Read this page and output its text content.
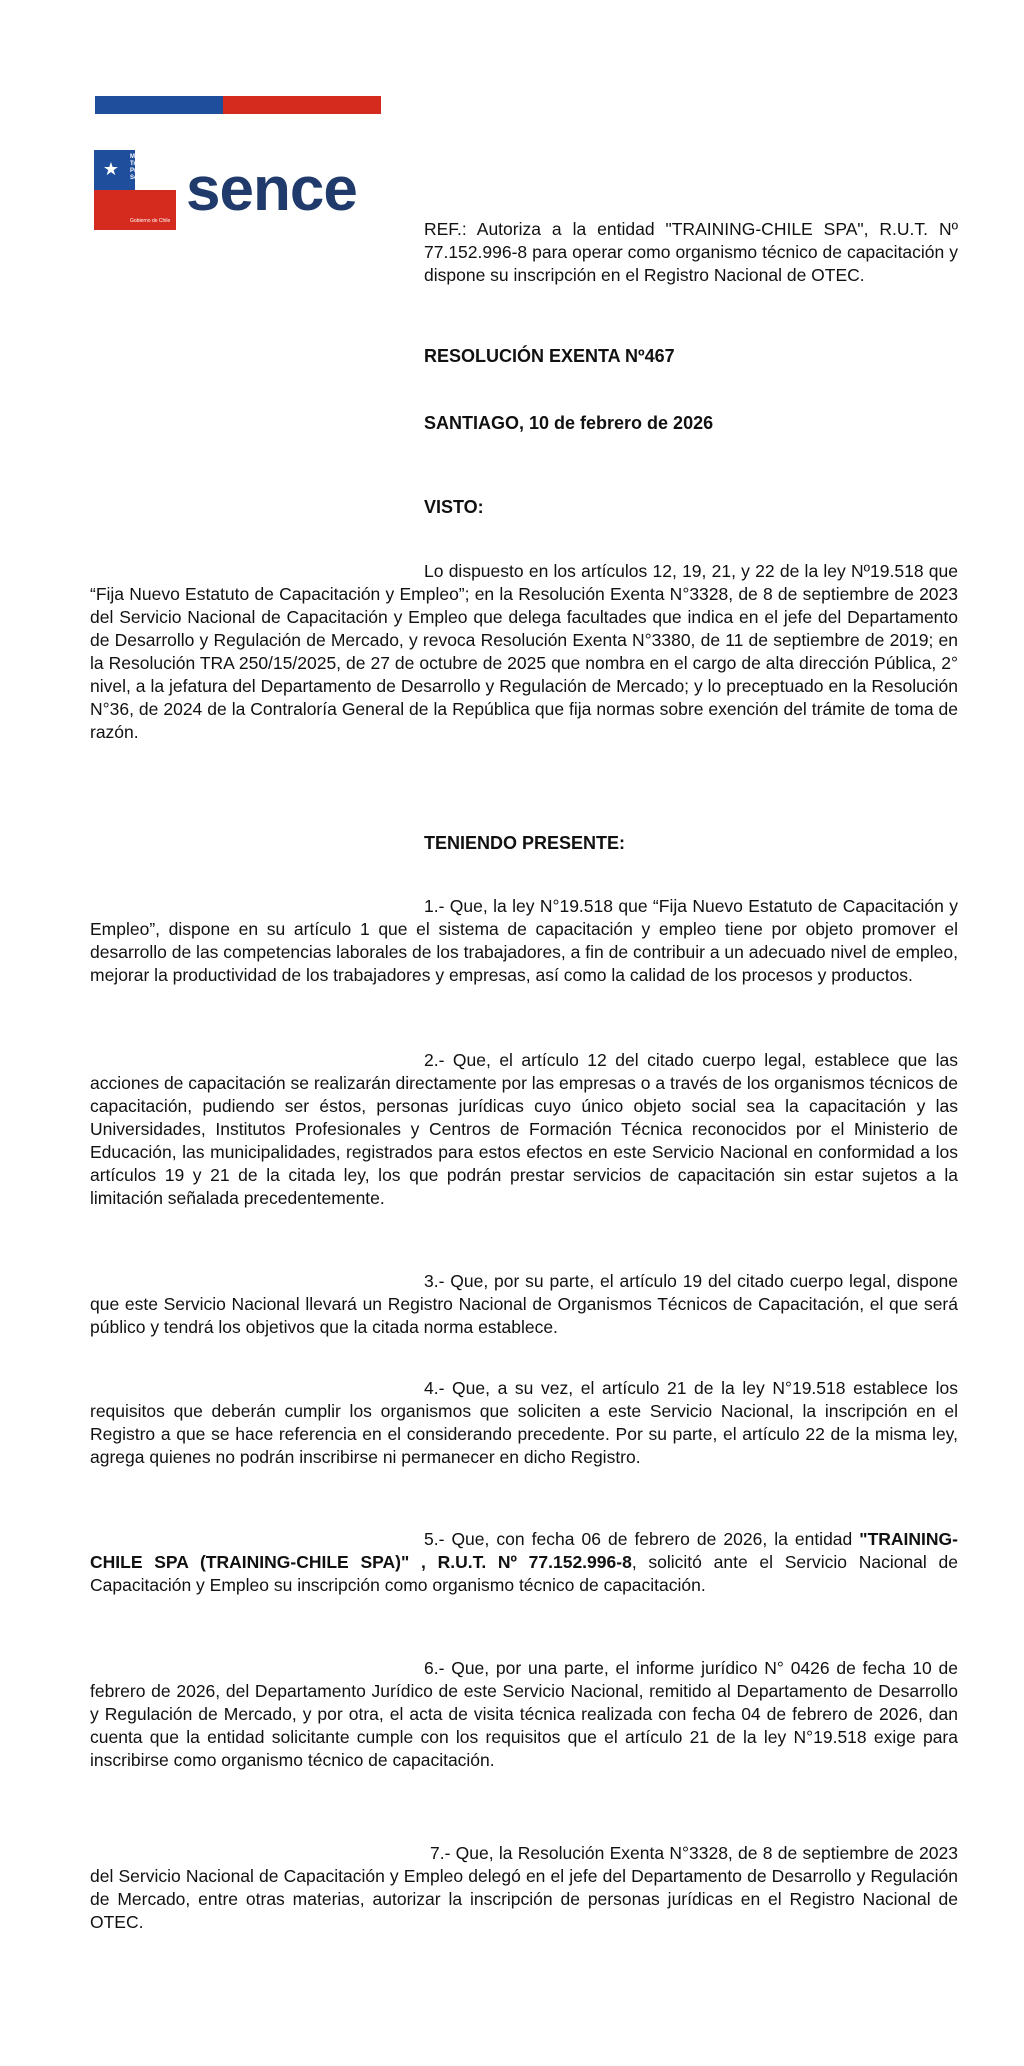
★
Ministerio del Trabajo y Previsión Social
Gobierno de Chile sence

REF.: Autoriza a la entidad "TRAINING-CHILE SPA", R.U.T. Nº 77.152.996-8 para operar como organismo técnico de capacitación y dispone su inscripción en el Registro Nacional de OTEC.

RESOLUCIÓN EXENTA Nº467

SANTIAGO, 10 de febrero de 2026

VISTO:

Lo dispuesto en los artículos 12, 19, 21, y 22 de la ley Nº19.518 que “Fija Nuevo Estatuto de Capacitación y Empleo”; en la Resolución Exenta N°3328, de 8 de septiembre de 2023 del Servicio Nacional de Capacitación y Empleo que delega facultades que indica en el jefe del Departamento de Desarrollo y Regulación de Mercado, y revoca Resolución Exenta N°3380, de 11 de septiembre de 2019; en la Resolución TRA 250/15/2025, de 27 de octubre de 2025 que nombra en el cargo de alta dirección Pública, 2° nivel, a la jefatura del Departamento de Desarrollo y Regulación de Mercado; y lo preceptuado en la Resolución N°36, de 2024 de la Contraloría General de la República que fija normas sobre exención del trámite de toma de razón.

TENIENDO PRESENTE:

1.- Que, la ley N°19.518 que “Fija Nuevo Estatuto de Capacitación y Empleo”, dispone en su artículo 1 que el sistema de capacitación y empleo tiene por objeto promover el desarrollo de las competencias laborales de los trabajadores, a fin de contribuir a un adecuado nivel de empleo, mejorar la productividad de los trabajadores y empresas, así como la calidad de los procesos y productos.

2.- Que, el artículo 12 del citado cuerpo legal, establece que las acciones de capacitación se realizarán directamente por las empresas o a través de los organismos técnicos de capacitación, pudiendo ser éstos, personas jurídicas cuyo único objeto social sea la capacitación y las Universidades, Institutos Profesionales y Centros de Formación Técnica reconocidos por el Ministerio de Educación, las municipalidades, registrados para estos efectos en este Servicio Nacional en conformidad a los artículos 19 y 21 de la citada ley, los que podrán prestar servicios de capacitación sin estar sujetos a la limitación señalada precedentemente.

3.- Que, por su parte, el artículo 19 del citado cuerpo legal, dispone que este Servicio Nacional llevará un Registro Nacional de Organismos Técnicos de Capacitación, el que será público y tendrá los objetivos que la citada norma establece.

4.- Que, a su vez, el artículo 21 de la ley N°19.518 establece los requisitos que deberán cumplir los organismos que soliciten a este Servicio Nacional, la inscripción en el Registro a que se hace referencia en el considerando precedente. Por su parte, el artículo 22 de la misma ley, agrega quienes no podrán inscribirse ni permanecer en dicho Registro.

5.- Que, con fecha 06 de febrero de 2026, la entidad "TRAINING-CHILE SPA (TRAINING-CHILE SPA)" , R.U.T. Nº 77.152.996-8, solicitó ante el Servicio Nacional de Capacitación y Empleo su inscripción como organismo técnico de capacitación.

6.- Que, por una parte, el informe jurídico N° 0426 de fecha 10 de febrero de 2026, del Departamento Jurídico de este Servicio Nacional, remitido al Departamento de Desarrollo y Regulación de Mercado, y por otra, el acta de visita técnica realizada con fecha 04 de febrero de 2026, dan cuenta que la entidad solicitante cumple con los requisitos que el artículo 21 de la ley N°19.518 exige para inscribirse como organismo técnico de capacitación.

7.- Que, la Resolución Exenta N°3328, de 8 de septiembre de 2023 del Servicio Nacional de Capacitación y Empleo delegó en el jefe del Departamento de Desarrollo y Regulación de Mercado, entre otras materias, autorizar la inscripción de personas jurídicas en el Registro Nacional de OTEC.
